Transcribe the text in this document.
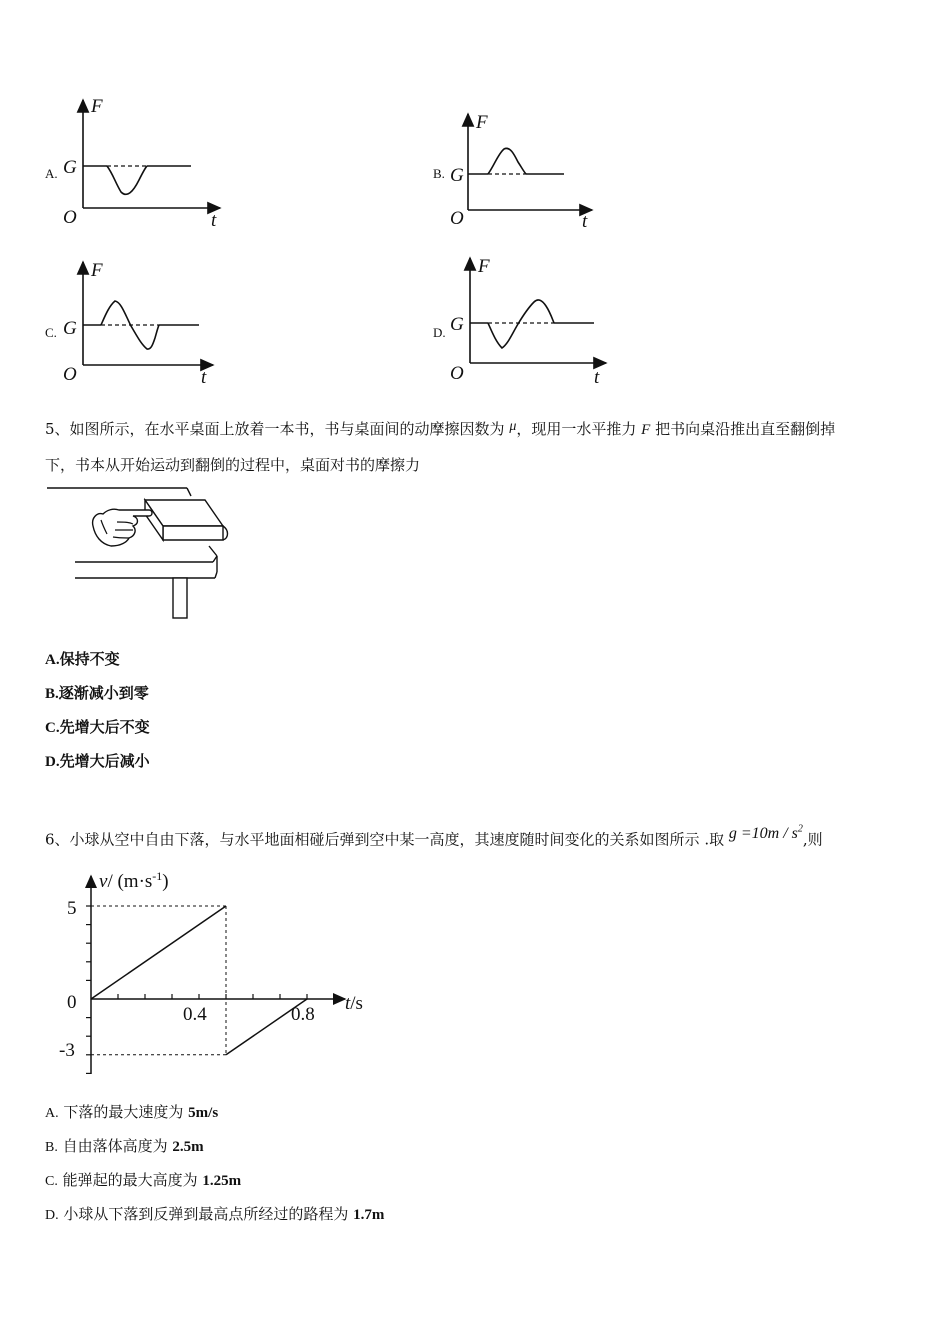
A.
F
G
O	t
B.
F
G
O	t
C.
F
G
O	t
D.
F
G
O	t
5、如图所示，在水平桌面上放着一本书，书与桌面间的动摩擦因数为 μ，现用一水平推力 F 把书向桌沿推出直至翻倒掉
下，书本从开始运动到翻倒的过程中，桌面对书的摩擦力
A.保持不变
B.逐渐减小到零
C.先增大后不变
D.先增大后减小
6、小球从空中自由下落，与水平地面相碰后弹到空中某一高度，其速度随时间变化的关系如图所示 .取 $g =10m / s^2$,则
v/ $(m\cdot s^{-1})$
t/s
5
0
-3
0.4	0.8
A. 下落的最大速度为 5m/s
B. 自由落体高度为 2.5m
C. 能弹起的最大高度为 1.25m
D. 小球从下落到反弹到最高点所经过的路程为 1.7m
